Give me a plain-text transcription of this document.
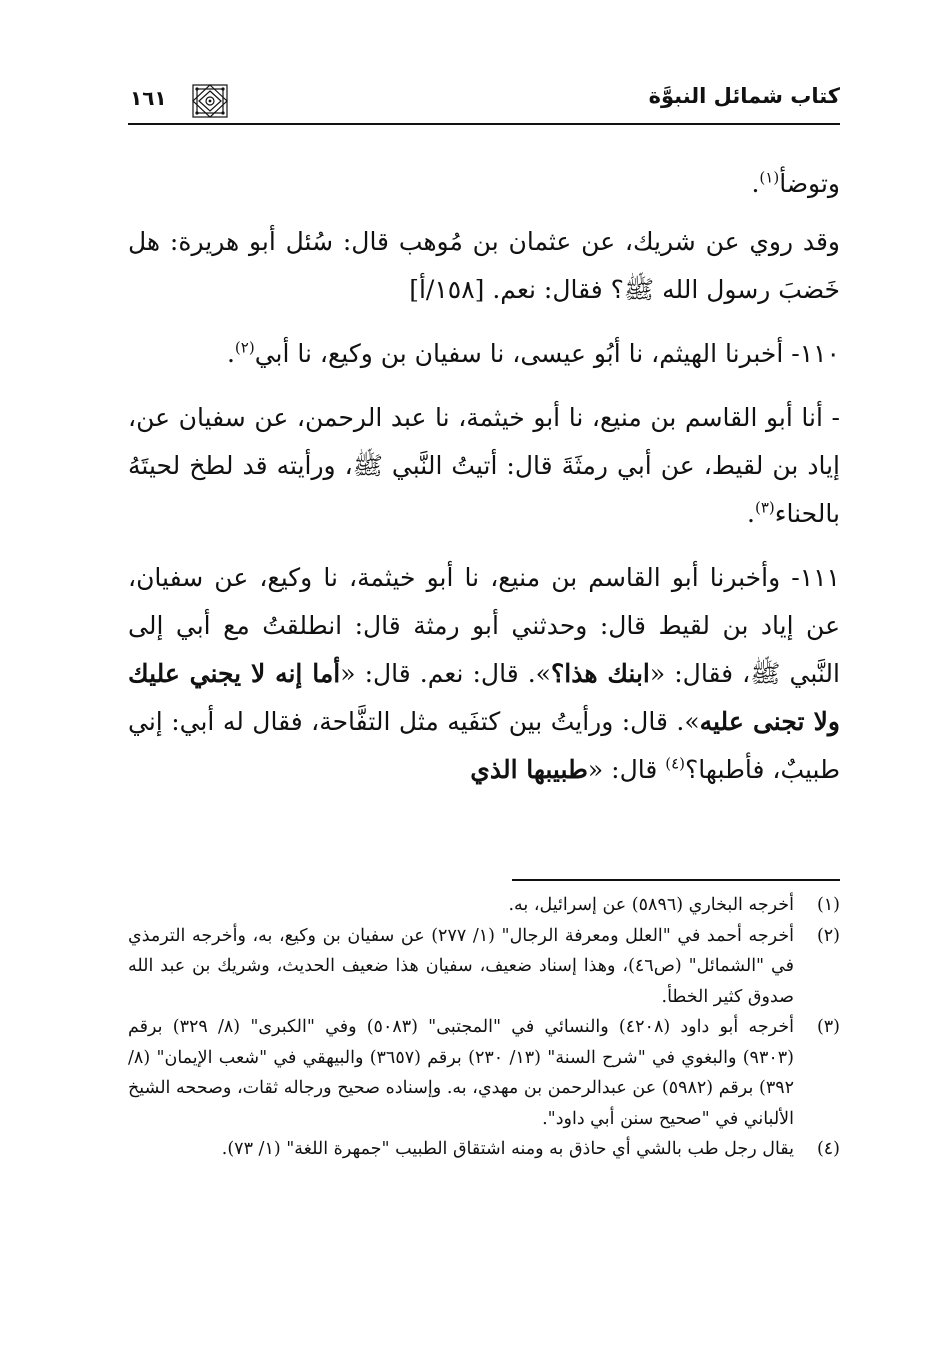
كتاب شمائل النبوَّة
١٦١

وتوضأ$^{(١)}$.

وقد روي عن شريك، عن عثمان بن مُوهب قال: سُئل أبو هريرة: هل خَضبَ رسول الله ﷺ؟ فقال: نعم. [١٥٨/أ]

١١٠- أخبرنا الهيثم، نا أبُو عيسى، نا سفيان بن وكيع، نا أبي$^{(٢)}$.

- أنا أبو القاسم بن منيع، نا أبو خيثمة، نا عبد الرحمن، عن سفيان عن، إياد بن لقيط، عن أبي رمثَةَ قال: أتيتُ النَّبي ﷺ، ورأيته قد لطخ لحيتَهُ بالحناء$^{(٣)}$.

١١١- وأخبرنا أبو القاسم بن منيع، نا أبو خيثمة، نا وكيع، عن سفيان، عن إياد بن لقيط قال: وحدثني أبو رمثة قال: انطلقتُ مع أبي إلى النَّبي ﷺ، فقال: «ابنك هذا؟». قال: نعم. قال: «أما إنه لا يجني عليك ولا تجنى عليه». قال: ورأيتُ بين كتفَيه مثل التفَّاحة، فقال له أبي: إني طبيبٌ، فأطبها؟$^{(٤)}$ قال: «طبيبها الذي

(١)
أخرجه البخاري (٥٨٩٦) عن إسرائيل، به.

(٢)
أخرجه أحمد في "العلل ومعرفة الرجال" (١/ ٢٧٧) عن سفيان بن وكيع، به، وأخرجه الترمذي في "الشمائل" (ص٤٦)، وهذا إسناد ضعيف، سفيان هذا ضعيف الحديث، وشريك بن عبد الله صدوق كثير الخطأ.

(٣)
أخرجه أبو داود (٤٢٠٨) والنسائي في "المجتبى" (٥٠٨٣) وفي "الكبرى" (٨/ ٣٢٩) برقم (٩٣٠٣) والبغوي في "شرح السنة" (١٣/ ٢٣٠) برقم (٣٦٥٧) والبيهقي في "شعب الإيمان" (٨/ ٣٩٢) برقم (٥٩٨٢) عن عبدالرحمن بن مهدي، به. وإسناده صحيح ورجاله ثقات، وصححه الشيخ الألباني في "صحيح سنن أبي داود".

(٤)
يقال رجل طب بالشي أي حاذق به ومنه اشتقاق الطبيب "جمهرة اللغة" (١/ ٧٣).
